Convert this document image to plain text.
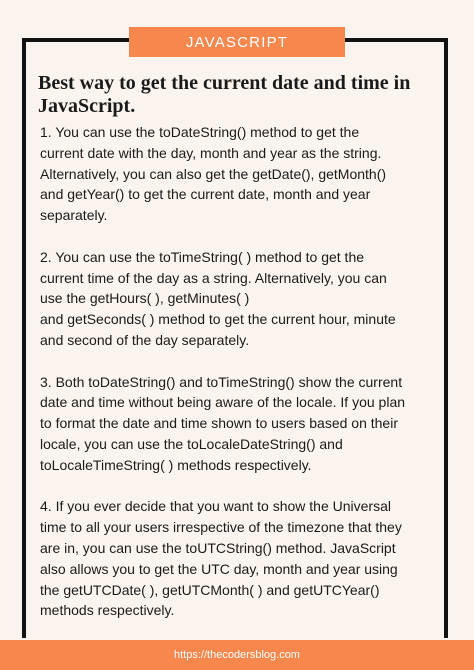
JAVASCRIPT
Best way to get the current date and time in JavaScript.

1. You can use the toDateString() method to get the
current date with the day, month and year as the string.
Alternatively, you can also get the getDate(), getMonth()
and getYear() to get the current date, month and year
separately.

2. You can use the toTimeString( ) method to get the
current time of the day as a string. Alternatively, you can
use the getHours( ), getMinutes( )
and getSeconds( ) method to get the current hour, minute
and second of the day separately.

3. Both toDateString() and toTimeString() show the current
date and time without being aware of the locale. If you plan
to format the date and time shown to users based on their
locale, you can use the toLocaleDateString() and
toLocaleTimeString( ) methods respectively.

4. If you ever decide that you want to show the Universal
time to all your users irrespective of the timezone that they
are in, you can use the toUTCString() method. JavaScript
also allows you to get the UTC day, month and year using
the getUTCDate( ), getUTCMonth( ) and getUTCYear()
methods respectively.

https://thecodersblog.com
